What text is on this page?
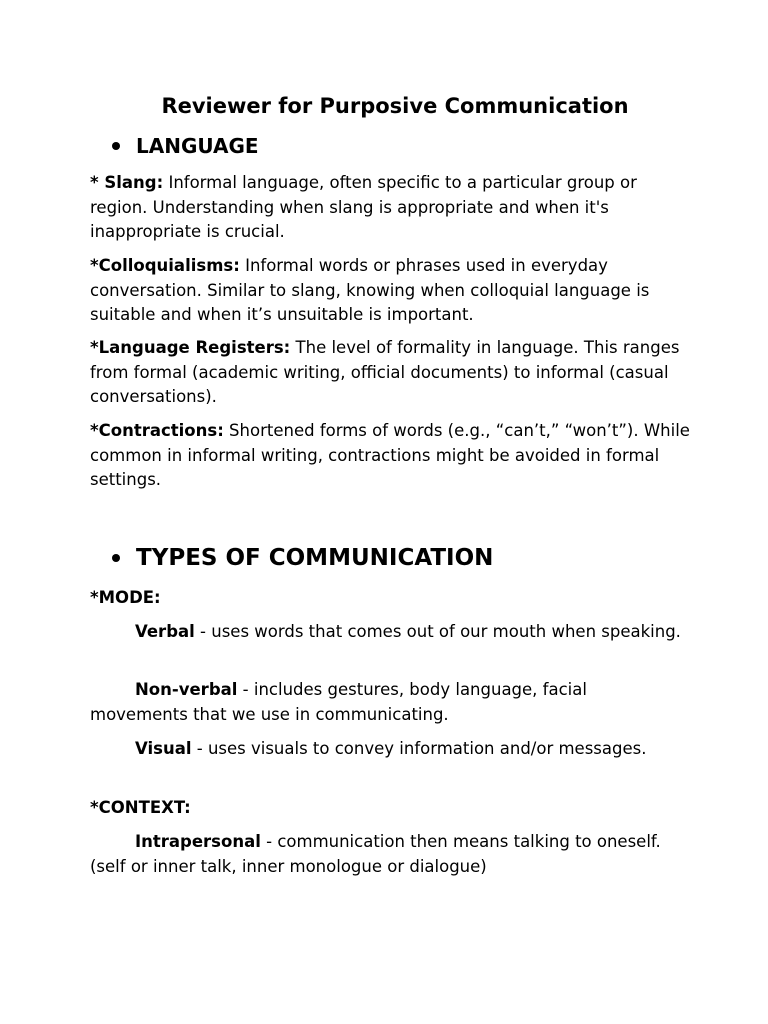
Reviewer for Purposive Communication
LANGUAGE

* Slang: Informal language, often specific to a particular group or region. Understanding when slang is appropriate and when it's inappropriate is crucial.

*Colloquialisms: Informal words or phrases used in everyday conversation. Similar to slang, knowing when colloquial language is suitable and when it’s unsuitable is important.

*Language Registers: The level of formality in language. This ranges from formal (academic writing, official documents) to informal (casual conversations).

*Contractions: Shortened forms of words (e.g., “can’t,” “won’t”). While common in informal writing, contractions might be avoided in formal settings.

TYPES OF COMMUNICATION
*MODE:

Verbal - uses words that comes out of our mouth when speaking.

Non-verbal - includes gestures, body language, facial movements that we use in communicating.

Visual - uses visuals to convey information and/or messages.

*CONTEXT:

Intrapersonal - communication then means talking to oneself. (self or inner talk, inner monologue or dialogue)
